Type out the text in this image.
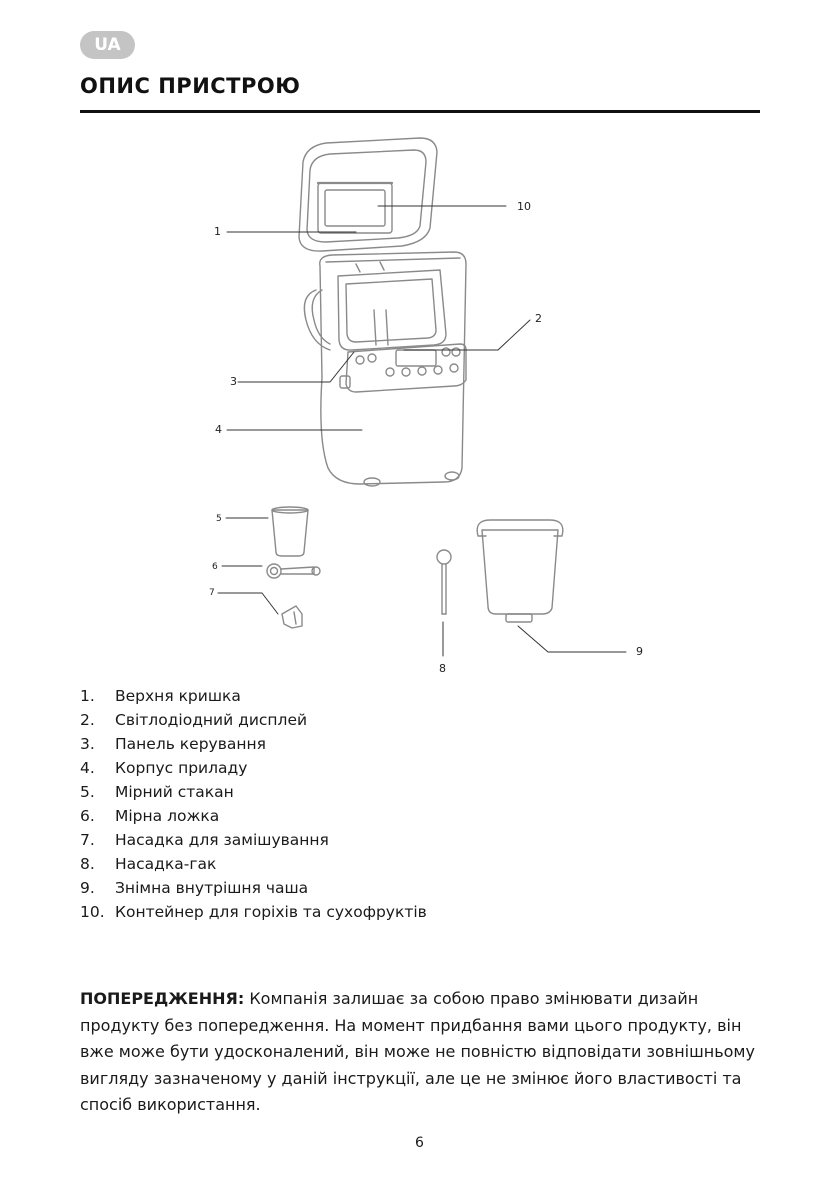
UA
ОПИС ПРИСТРОЮ
1
2
3
4
5
6
7
8
9
10
1.	Верхня кришка
2.	Світлодіодний дисплей
3.	Панель керування
4.	Корпус приладу
5.	Мірний стакан
6.	Мірна ложка
7.	Насадка для замішування
8.	Насадка-гак
9.	Знімна внутрішня чаша
10. Контейнер для горіхів та сухофруктів

ПОПЕРЕДЖЕННЯ: Компанія залишає за собою право змінювати дизайн продукту без попередження. На момент придбання вами цього продукту, він вже може бути удосконалений, він може не повністю відповідати зовнішньому вигляду зазначеному у даній інструкції, але це не змінює його властивості та спосіб використання.

6
